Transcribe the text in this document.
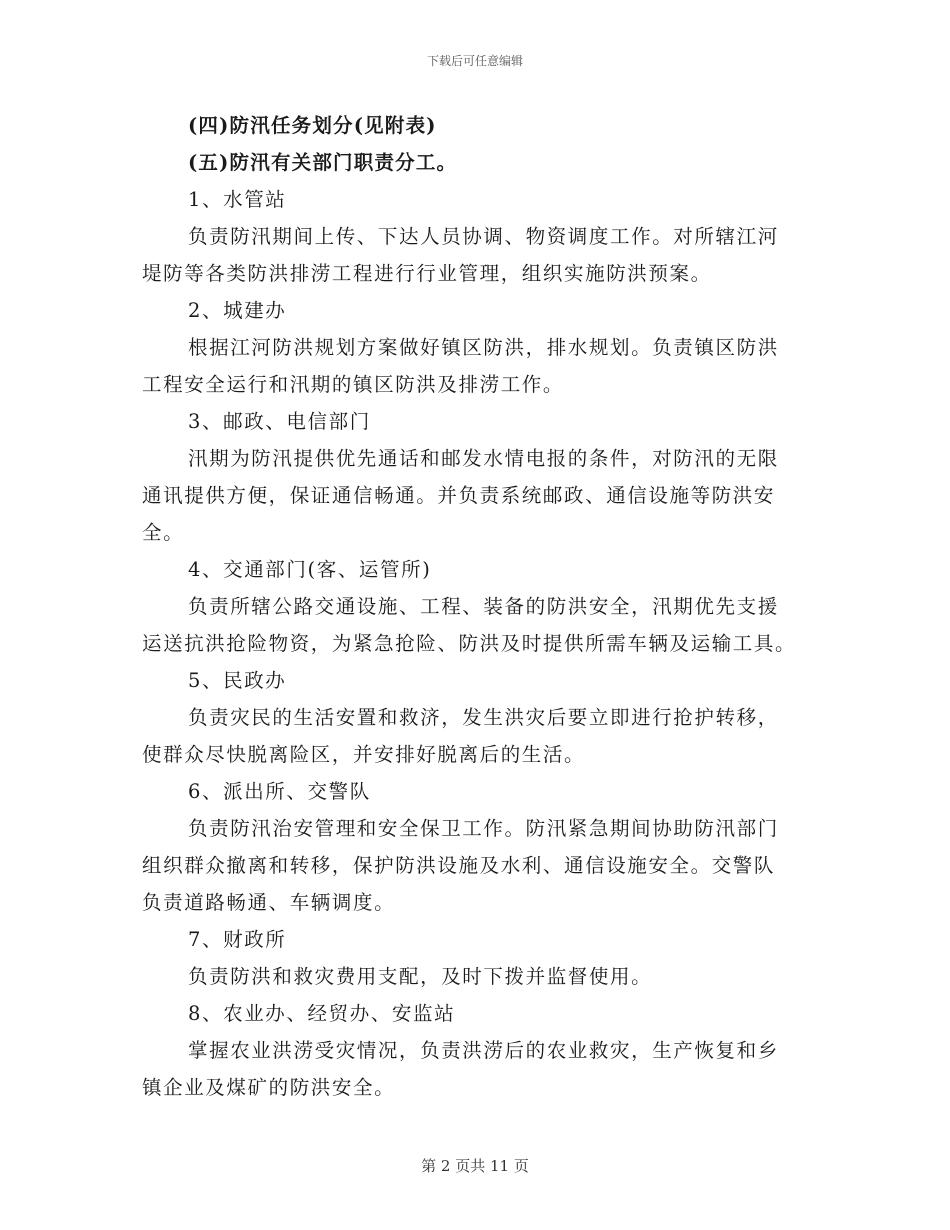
下载后可任意编辑
(四)防汛任务划分(见附表)
(五)防汛有关部门职责分工。
1、水管站
负责防汛期间上传、下达人员协调、物资调度工作。对所辖江河
堤防等各类防洪排涝工程进行行业管理，组织实施防洪预案。
2、城建办
根据江河防洪规划方案做好镇区防洪，排水规划。负责镇区防洪
工程安全运行和汛期的镇区防洪及排涝工作。
3、邮政、电信部门
汛期为防汛提供优先通话和邮发水情电报的条件，对防汛的无限
通讯提供方便，保证通信畅通。并负责系统邮政、通信设施等防洪安
全。
4、交通部门(客、运管所)
负责所辖公路交通设施、工程、装备的防洪安全，汛期优先支援
运送抗洪抢险物资，为紧急抢险、防洪及时提供所需车辆及运输工具。
5、民政办
负责灾民的生活安置和救济，发生洪灾后要立即进行抢护转移，
使群众尽快脱离险区，并安排好脱离后的生活。
6、派出所、交警队
负责防汛治安管理和安全保卫工作。防汛紧急期间协助防汛部门
组织群众撤离和转移，保护防洪设施及水利、通信设施安全。交警队
负责道路畅通、车辆调度。
7、财政所
负责防洪和救灾费用支配，及时下拨并监督使用。
8、农业办、经贸办、安监站
掌握农业洪涝受灾情况，负责洪涝后的农业救灾，生产恢复和乡
镇企业及煤矿的防洪安全。
第 2 页共 11 页
